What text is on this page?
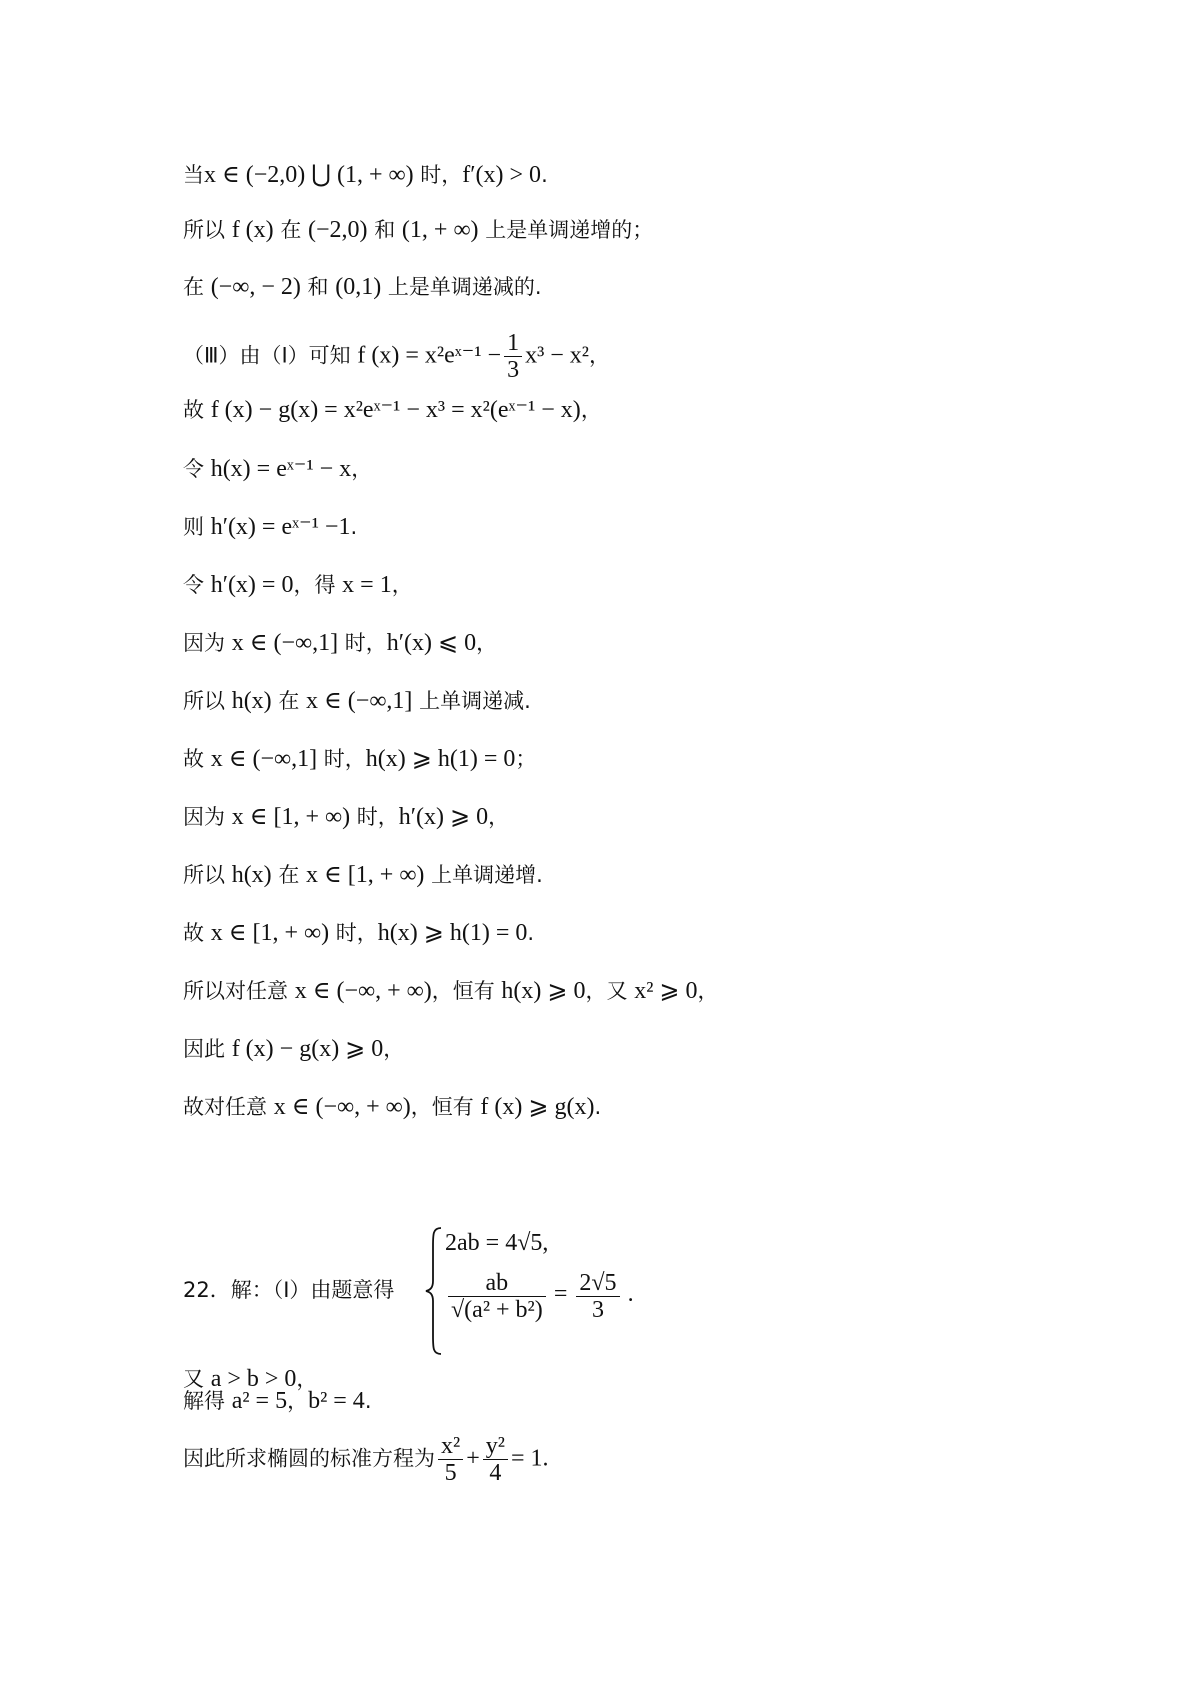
当x ∈ (−2,0) ⋃ (1, + ∞) 时，f′(x) > 0.
所以 f (x) 在 (−2,0) 和 (1, + ∞) 上是单调递增的；
在 (−∞, − 2) 和 (0,1) 上是单调递减的.
（Ⅲ）由（Ⅰ）可知 f (x) = x²eˣ⁻¹ − $\frac{1}{3} x^3 - x^2$，
故 f (x) − g(x) = x²eˣ⁻¹ − x³ = x²(eˣ⁻¹ − x)，
令 h(x) = eˣ⁻¹ − x，
则 h′(x) = eˣ⁻¹ −1.
令 h′(x) = 0，得 x = 1，
因为 x ∈ (−∞,1] 时，h′(x) ⩽ 0，
所以 h(x) 在 x ∈ (−∞,1] 上单调递减.
故 x ∈ (−∞,1] 时，h(x) ⩾ h(1) = 0；
因为 x ∈ [1, + ∞) 时，h′(x) ⩾ 0，
所以 h(x) 在 x ∈ [1, + ∞) 上单调递增.
故 x ∈ [1, + ∞) 时，h(x) ⩾ h(1) = 0.
所以对任意 x ∈ (−∞, + ∞)，恒有 h(x) ⩾ 0，又 x² ⩾ 0，
因此 f (x) − g(x) ⩾ 0，
故对任意 x ∈ (−∞, + ∞)，恒有 f (x) ⩾ g(x).
又 a > b > 0，
解得 a² = 5，b² = 4.
22．解：（Ⅰ）由题意得
2ab = 4√5,
$\frac{ab}{\text{√(a² + b²)}} = \frac{2√5}{3}$ .
因此所求椭圆的标准方程为 $\frac{\text{x²}}{5} + \frac{\text{y²}}{4} = 1$.
